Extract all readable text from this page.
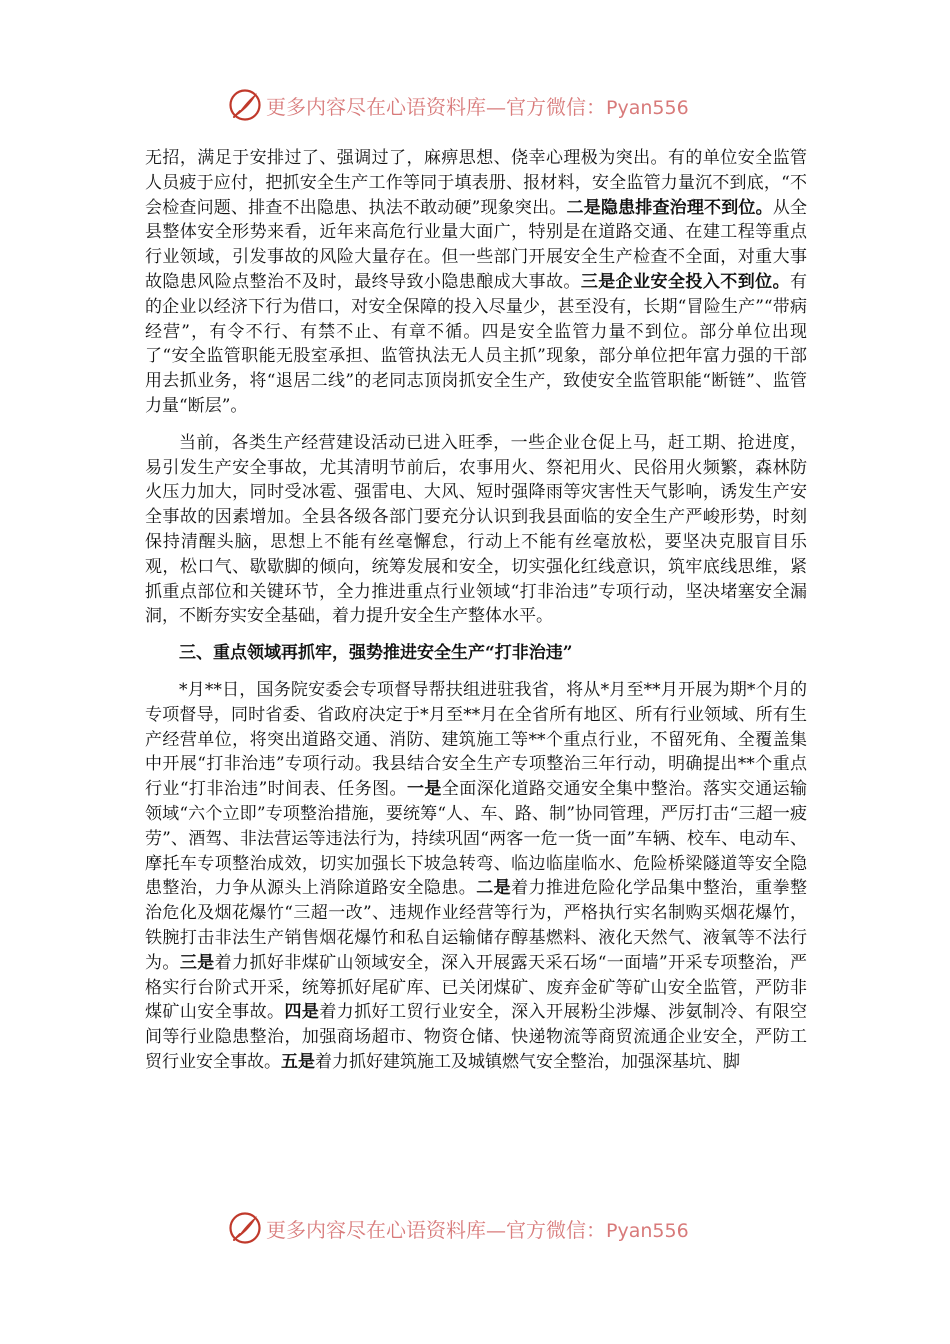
更多内容尽在心语资料库—官方微信：Pyan556

无招，满足于安排过了、强调过了，麻痹思想、侥幸心理极为突出。有的单位安全监管人员疲于应付，把抓安全生产工作等同于填表册、报材料，安全监管力量沉不到底，“不会检查问题、排查不出隐患、执法不敢动硬”现象突出。二是隐患排查治理不到位。从全县整体安全形势来看，近年来高危行业量大面广，特别是在道路交通、在建工程等重点行业领域，引发事故的风险大量存在。但一些部门开展安全生产检查不全面，对重大事故隐患风险点整治不及时，最终导致小隐患酿成大事故。三是企业安全投入不到位。有的企业以经济下行为借口，对安全保障的投入尽量少，甚至没有，长期“冒险生产”“带病经营”，有令不行、有禁不止、有章不循。四是安全监管力量不到位。部分单位出现了“安全监管职能无股室承担、监管执法无人员主抓”现象，部分单位把年富力强的干部用去抓业务，将“退居二线”的老同志顶岗抓安全生产，致使安全监管职能“断链”、监管力量“断层”。

当前，各类生产经营建设活动已进入旺季，一些企业仓促上马，赶工期、抢进度，易引发生产安全事故，尤其清明节前后，农事用火、祭祀用火、民俗用火频繁，森林防火压力加大，同时受冰雹、强雷电、大风、短时强降雨等灾害性天气影响，诱发生产安全事故的因素增加。全县各级各部门要充分认识到我县面临的安全生产严峻形势，时刻保持清醒头脑，思想上不能有丝毫懈怠，行动上不能有丝毫放松，要坚决克服盲目乐观，松口气、歇歇脚的倾向，统筹发展和安全，切实强化红线意识，筑牢底线思维，紧抓重点部位和关键环节，全力推进重点行业领域“打非治违”专项行动，坚决堵塞安全漏洞，不断夯实安全基础，着力提升安全生产整体水平。

三、重点领域再抓牢，强势推进安全生产“打非治违”

*月**日，国务院安委会专项督导帮扶组进驻我省，将从*月至**月开展为期*个月的专项督导，同时省委、省政府决定于*月至**月在全省所有地区、所有行业领域、所有生产经营单位，将突出道路交通、消防、建筑施工等**个重点行业，不留死角、全覆盖集中开展“打非治违”专项行动。我县结合安全生产专项整治三年行动，明确提出**个重点行业“打非治违”时间表、任务图。一是全面深化道路交通安全集中整治。落实交通运输领域“六个立即”专项整治措施，要统筹“人、车、路、制”协同管理，严厉打击“三超一疲劳”、酒驾、非法营运等违法行为，持续巩固“两客一危一货一面”车辆、校车、电动车、摩托车专项整治成效，切实加强长下坡急转弯、临边临崖临水、危险桥梁隧道等安全隐患整治，力争从源头上消除道路安全隐患。二是着力推进危险化学品集中整治，重拳整治危化及烟花爆竹“三超一改”、违规作业经营等行为，严格执行实名制购买烟花爆竹，铁腕打击非法生产销售烟花爆竹和私自运输储存醇基燃料、液化天然气、液氧等不法行为。三是着力抓好非煤矿山领域安全，深入开展露天采石场“一面墙”开采专项整治，严格实行台阶式开采，统筹抓好尾矿库、已关闭煤矿、废弃金矿等矿山安全监管，严防非煤矿山安全事故。四是着力抓好工贸行业安全，深入开展粉尘涉爆、涉氨制冷、有限空间等行业隐患整治，加强商场超市、物资仓储、快递物流等商贸流通企业安全，严防工贸行业安全事故。五是着力抓好建筑施工及城镇燃气安全整治，加强深基坑、脚

更多内容尽在心语资料库—官方微信：Pyan556
